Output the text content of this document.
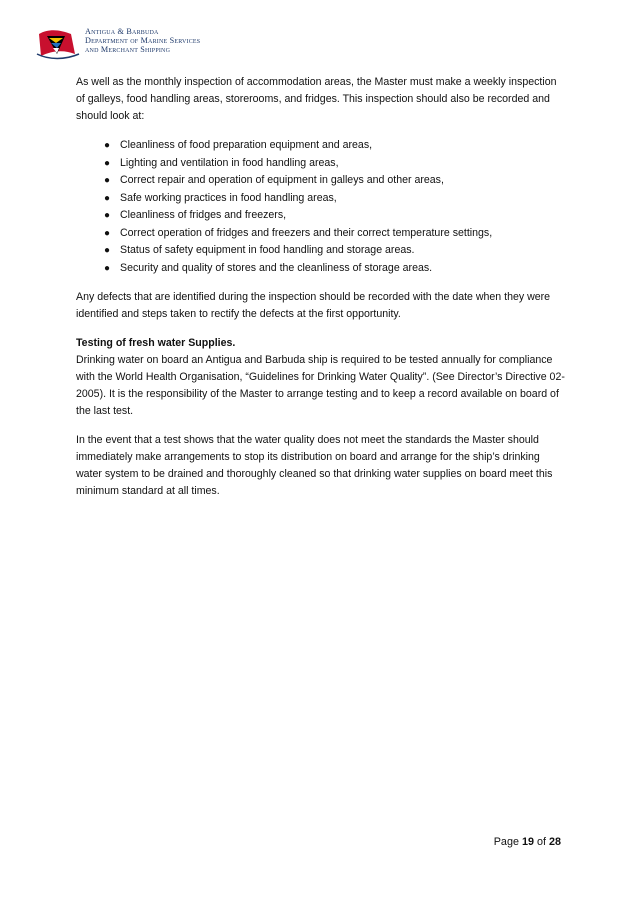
Antigua & Barbuda
Department of Marine Services
and Merchant Shipping

As well as the monthly inspection of accommodation areas, the Master must make a weekly inspection of galleys, food handling areas, storerooms, and fridges. This inspection should also be recorded and should look at:

● Cleanliness of food preparation equipment and areas,
● Lighting and ventilation in food handling areas,
● Correct repair and operation of equipment in galleys and other areas,
● Safe working practices in food handling areas,
● Cleanliness of fridges and freezers,
● Correct operation of fridges and freezers and their correct temperature settings,
● Status of safety equipment in food handling and storage areas.
● Security and quality of stores and the cleanliness of storage areas.

Any defects that are identified during the inspection should be recorded with the date when they were identified and steps taken to rectify the defects at the first opportunity.

Testing of fresh water Supplies.

Drinking water on board an Antigua and Barbuda ship is required to be tested annually for compliance with the World Health Organisation, “Guidelines for Drinking Water Quality”. (See Director’s Directive 02-2005). It is the responsibility of the Master to arrange testing and to keep a record available on board of the last test.

In the event that a test shows that the water quality does not meet the standards the Master should immediately make arrangements to stop its distribution on board and arrange for the ship’s drinking water system to be drained and thoroughly cleaned so that drinking water supplies on board meet this minimum standard at all times.

Page 19 of 28
